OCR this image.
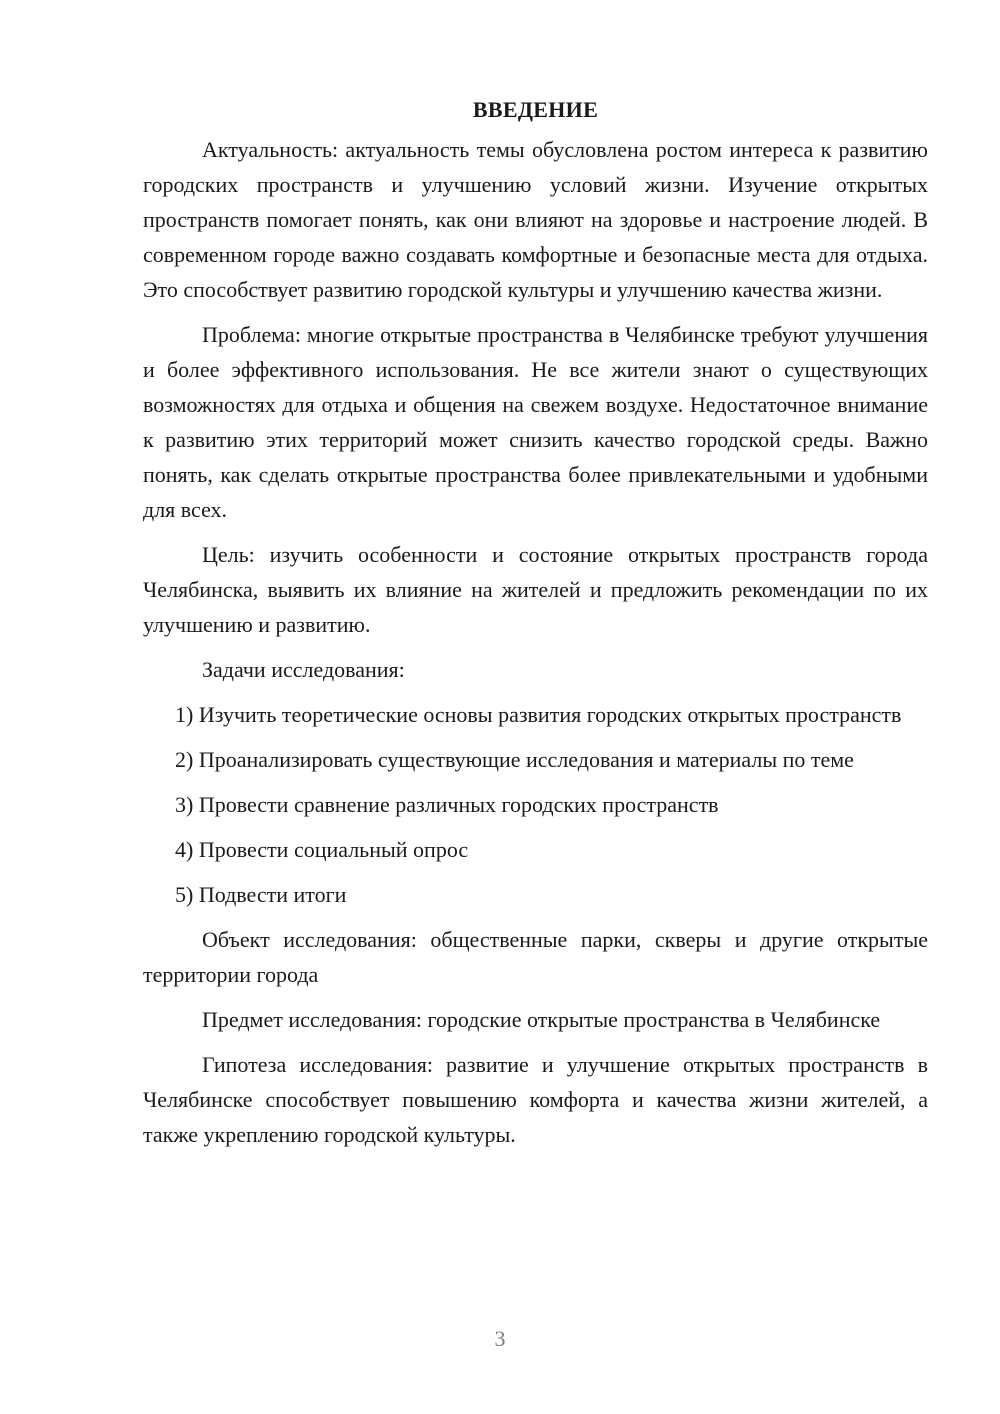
ВВЕДЕНИЕ

Актуальность: актуальность темы обусловлена ростом интереса к развитию городских пространств и улучшению условий жизни. Изучение открытых пространств помогает понять, как они влияют на здоровье и настроение людей. В современном городе важно создавать комфортные и безопасные места для отдыха. Это способствует развитию городской культуры и улучшению качества жизни.

Проблема: многие открытые пространства в Челябинске требуют улучшения и более эффективного использования. Не все жители знают о существующих возможностях для отдыха и общения на свежем воздухе. Недостаточное внимание к развитию этих территорий может снизить качество городской среды. Важно понять, как сделать открытые пространства более привлекательными и удобными для всех.

Цель: изучить особенности и состояние открытых пространств города Челябинска, выявить их влияние на жителей и предложить рекомендации по их улучшению и развитию.

Задачи исследования:

1) Изучить теоретические основы развития городских открытых пространств

2) Проанализировать существующие исследования и материалы по теме

3) Провести сравнение различных городских пространств

4) Провести социальный опрос

5) Подвести итоги

Объект исследования: общественные парки, скверы и другие открытые территории города

Предмет исследования: городские открытые пространства в Челябинске

Гипотеза исследования: развитие и улучшение открытых пространств в Челябинске способствует повышению комфорта и качества жизни жителей, а также укреплению городской культуры.

3
